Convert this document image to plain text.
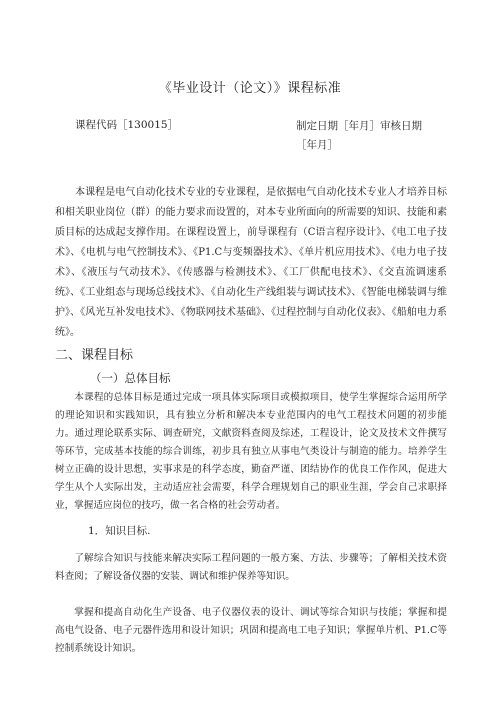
《毕业设计（论文）》课程标准
课程代码［130015］	制定日期［年月］审核日期
［年月］

本课程是电气自动化技术专业的专业课程，是依据电气自动化技术专业人才培养目标和相关职业岗位（群）的能力要求而设置的，对本专业所面向的所需要的知识、技能和素质目标的达成起支撑作用。在课程设置上，前导课程有（C语言程序设计》、《电工电子技术》、《电机与电气控制技术》、《P1.C与变频器技术》、《单片机应用技术》、《电力电子技术》、《液压与气动技术》、《传感器与检测技术》、《工厂供配电技术》、《交直流调速系统》、《工业组态与现场总线技术》、《自动化生产线组装与调试技术》、《智能电梯装调与维护》、《风光互补发电技术》、《物联网技术基础》、《过程控制与自动化仪表》、《船舶电力系统》。

二、课程目标
（一）总体目标

本课程的总体目标是通过完成一项具体实际项目或模拟项目，使学生掌握综合运用所学的理论知识和实践知识，具有独立分析和解决本专业范围内的电气工程技术问题的初步能力。通过理论联系实际、调查研究，文献资料查阅及综述，工程设计，论文及技术文件撰写等环节，完成基本技能的综合训练，初步具有独立从事电气类设计与制造的能力。培养学生树立正确的设计思想，实事求是的科学态度，勤奋严谨、团结协作的优良工作作风，促进大学生从个人实际出发，主动适应社会需要，科学合理规划自己的职业生涯，学会自己求职择业，掌握适应岗位的技巧，做一名合格的社会劳动者。

1．知识目标.

了解综合知识与技能来解决实际工程问题的一般方案、方法、步骤等；了解相关技术资料查阅；了解设备仪器的安装、调试和维护保养等知识。

掌握和提高自动化生产设备、电子仪器仪表的设计、调试等综合知识与技能；掌握和提高电气设备、电子元器件选用和设计知识；巩固和提高电工电子知识；掌握单片机、P1.C等控制系统设计知识。
